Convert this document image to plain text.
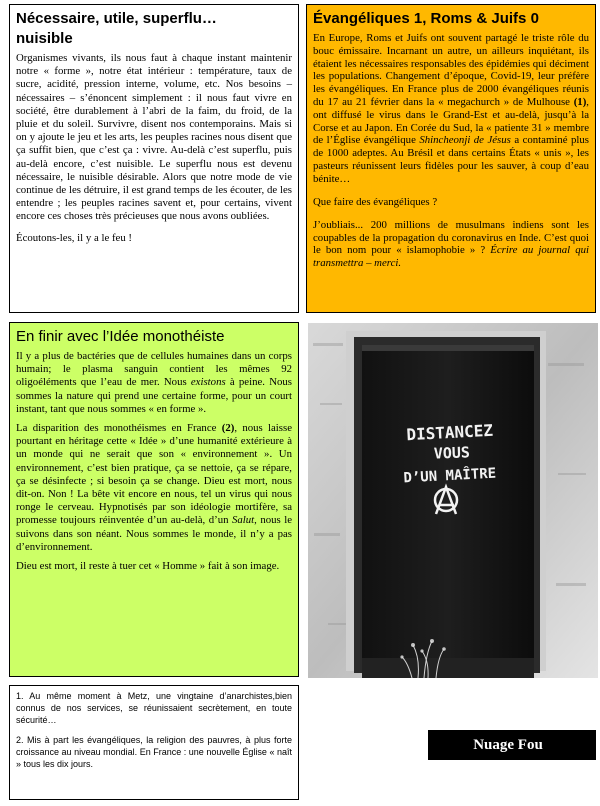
Nécessaire, utile, superflu…
nuisible

Organismes vivants, ils nous faut à chaque instant maintenir notre « forme », notre état intérieur : température, taux de sucre, acidité, pression interne, volume, etc. Nos besoins – nécessaires – s’énoncent simplement : il nous faut vivre en société, être durablement à l’abri de la faim, du froid, de la pluie et du soleil. Survivre, disent nos contemporains. Mais si on y ajoute le jeu et les arts, les peuples racines nous disent que ça suffit bien, que c’est ça : vivre. Au-delà c’est superflu, puis au-delà encore, c’est nuisible. Le superflu nous est devenu nécessaire, le nuisible désirable. Alors que notre mode de vie continue de les détruire, il est grand temps de les écouter, de les entendre ; les peuples racines savent et, pour certains, vivent encore ces choses très précieuses que nous avons oubliées.

Écoutons-les, il y a le feu !

Évangéliques 1, Roms & Juifs 0

En Europe, Roms et Juifs ont souvent partagé le triste rôle du bouc émissaire. Incarnant un autre, un ailleurs inquiétant, ils étaient les nécessaires responsables des épidémies qui déciment les populations. Changement d’époque, Covid-19, leur préfère les évangéliques. En France plus de 2000 évangéliques réunis du 17 au 21 février dans la « megachurch » de Mulhouse (1), ont diffusé le virus dans le Grand-Est et au-delà, jusqu’à la Corse et au Japon. En Corée du Sud, la « patiente 31 » membre de l’Église évangélique Shincheonji de Jésus a contaminé plus de 1000 adeptes. Au Brésil et dans certains États « unis », les pasteurs réunissent leurs fidèles pour les sauver, à coup d’eau bénite…

Que faire des évangéliques ?

J’oubliais... 200 millions de musulmans indiens sont les coupables de la propagation du coronavirus en Inde. C’est quoi le bon nom pour « islamophobie » ? Écrire au journal qui transmettra – merci.

En finir avec l’Idée monothéiste

Il y a plus de bactéries que de cellules humaines dans un corps humain; le plasma sanguin contient les mêmes 92 oligoéléments que l’eau de mer. Nous existons à peine. Nous sommes la nature qui prend une certaine forme, pour un court instant, tant que nous sommes « en forme ».

La disparition des monothéismes en France (2), nous laisse pourtant en héritage cette « Idée » d’une humanité extérieure à un monde qui ne serait que son « environnement ». Un environnement, c’est bien pratique, ça se nettoie, ça se répare, ça se désinfecte ; si besoin ça se change. Dieu est mort, nous dit-on. Non ! La bête vit encore en nous, tel un virus qui nous ronge le cerveau. Hypnotisés par son idéologie mortifère, sa promesse toujours réinventée d’un au-delà, d’un Salut, nous le suivons dans son néant. Nous sommes le monde, il n’y a pas d’environnement.

Dieu est mort, il reste à tuer cet « Homme » fait à son image.

DISTANCEZ
VOUS
D’UN MAÎTRE

1. Au même moment à Metz, une vingtaine d’anarchistes,bien connus de nos services, se réunissaient secrètement, en toute sécurité…

2. Mis à part les évangéliques, la religion des pauvres, à plus forte croissance au niveau mondial. En France : une nouvelle Église « naît » tous les dix jours.

Nuage Fou
